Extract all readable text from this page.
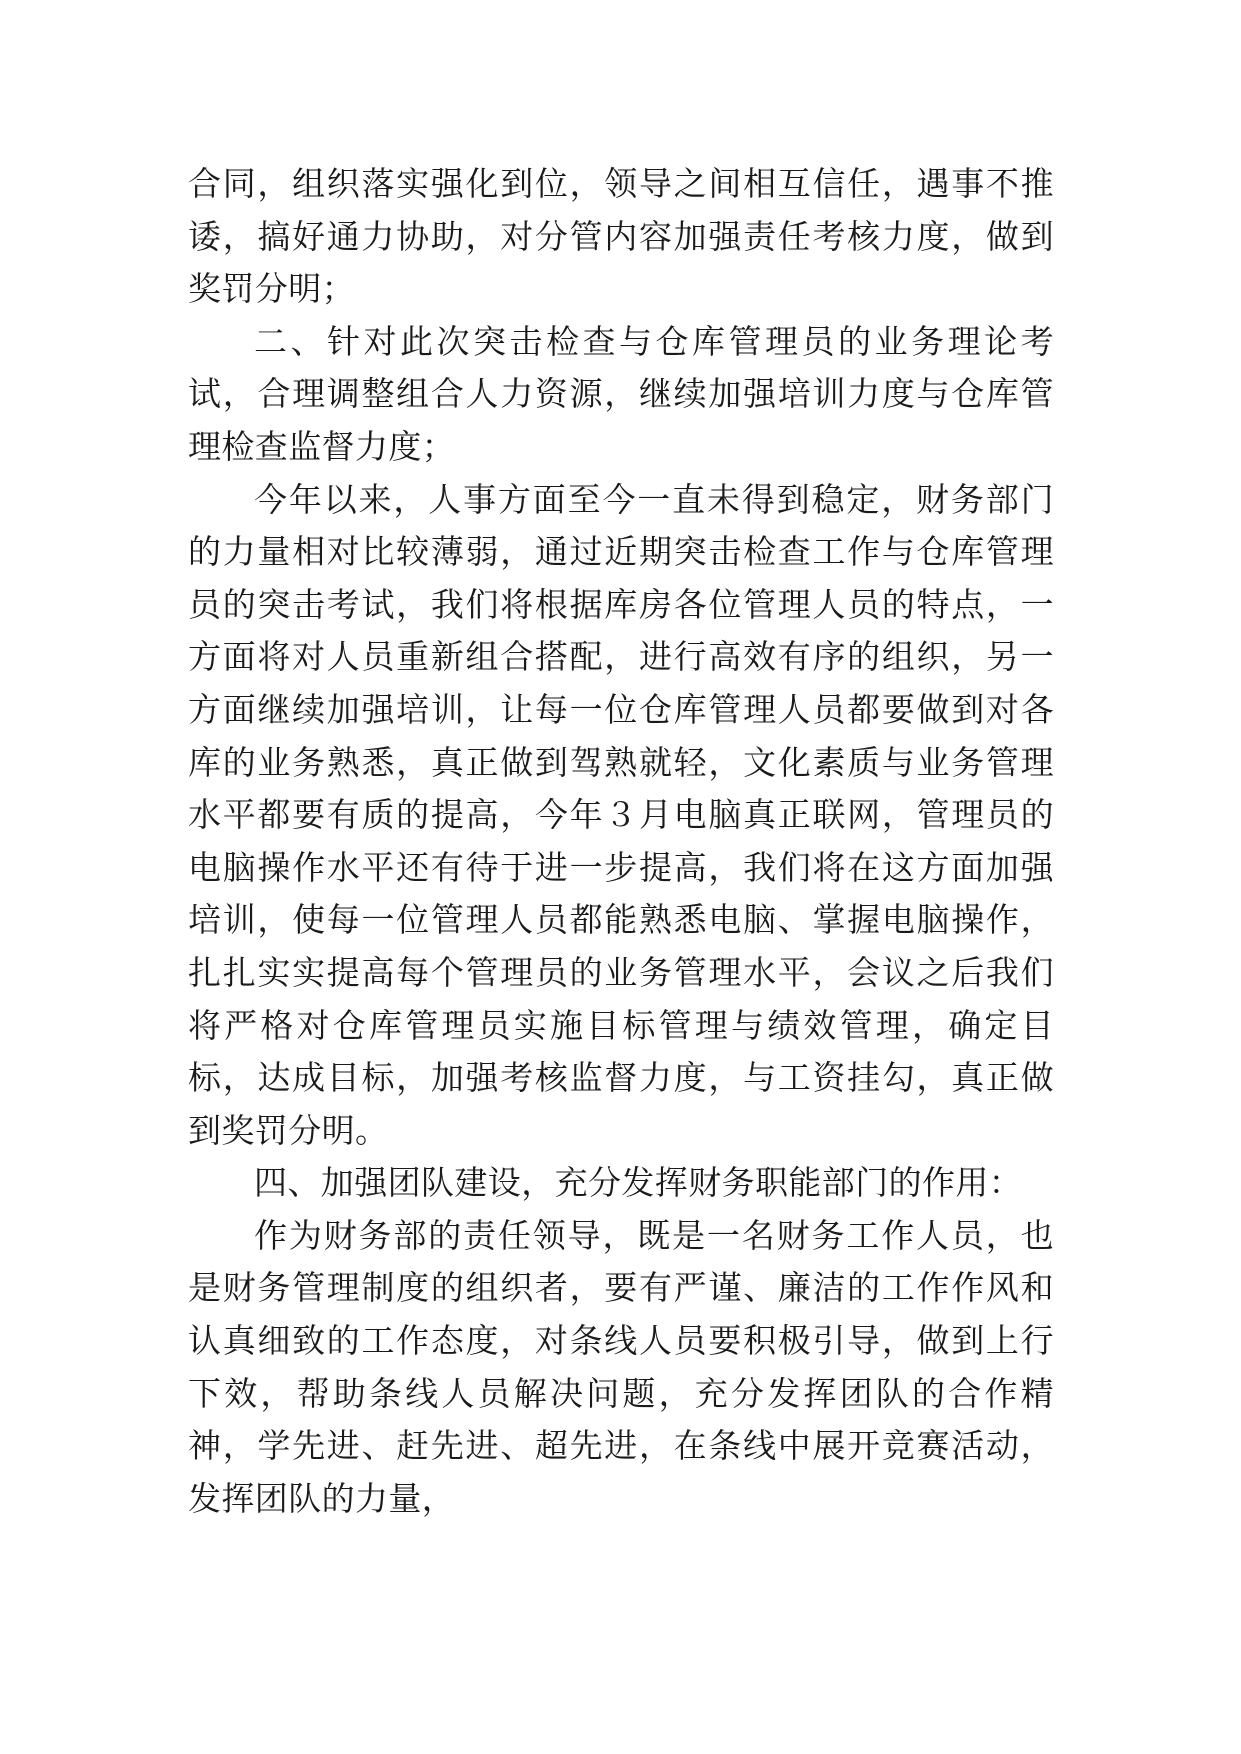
合同，组织落实强化到位，领导之间相互信任，遇事不推诿，搞好通力协助，对分管内容加强责任考核力度，做到奖罚分明；

二、针对此次突击检查与仓库管理员的业务理论考试，合理调整组合人力资源，继续加强培训力度与仓库管理检查监督力度；

今年以来，人事方面至今一直未得到稳定，财务部门的力量相对比较薄弱，通过近期突击检查工作与仓库管理员的突击考试，我们将根据库房各位管理人员的特点，一方面将对人员重新组合搭配，进行高效有序的组织，另一方面继续加强培训，让每一位仓库管理人员都要做到对各库的业务熟悉，真正做到驾熟就轻，文化素质与业务管理水平都要有质的提高，今年３月电脑真正联网，管理员的电脑操作水平还有待于进一步提高，我们将在这方面加强培训，使每一位管理人员都能熟悉电脑、掌握电脑操作，扎扎实实提高每个管理员的业务管理水平，会议之后我们将严格对仓库管理员实施目标管理与绩效管理，确定目标，达成目标，加强考核监督力度，与工资挂勾，真正做到奖罚分明。

四、加强团队建设，充分发挥财务职能部门的作用：

作为财务部的责任领导，既是一名财务工作人员，也是财务管理制度的组织者，要有严谨、廉洁的工作作风和认真细致的工作态度，对条线人员要积极引导，做到上行下效，帮助条线人员解决问题，充分发挥团队的合作精神，学先进、赶先进、超先进，在条线中展开竞赛活动，发挥团队的力量，
